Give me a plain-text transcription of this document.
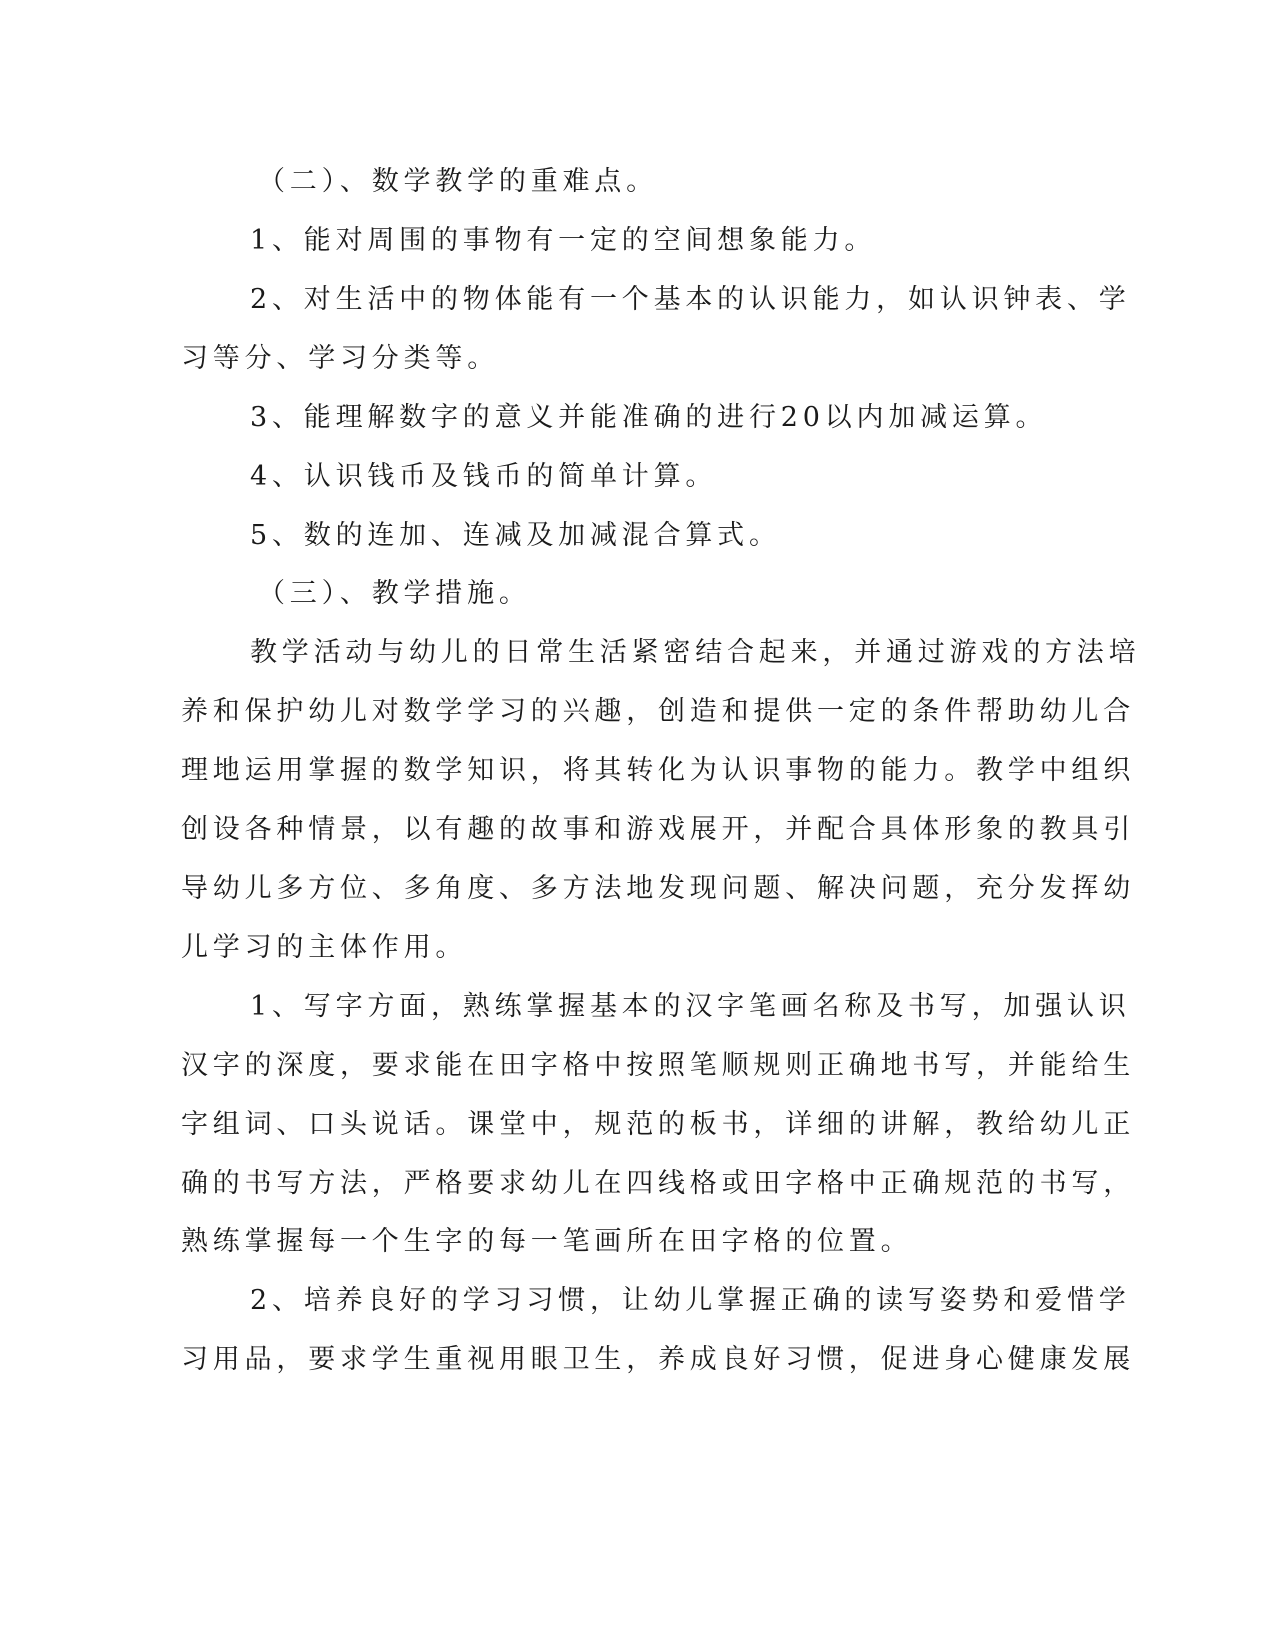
（二）、数学教学的重难点。
1、能对周围的事物有一定的空间想象能力。
2、对生活中的物体能有一个基本的认识能力，如认识钟表、学
习等分、学习分类等。
3、能理解数字的意义并能准确的进行20以内加减运算。
4、认识钱币及钱币的简单计算。
5、数的连加、连减及加减混合算式。
（三）、教学措施。
教学活动与幼儿的日常生活紧密结合起来，并通过游戏的方法培
养和保护幼儿对数学学习的兴趣，创造和提供一定的条件帮助幼儿合
理地运用掌握的数学知识，将其转化为认识事物的能力。教学中组织
创设各种情景，以有趣的故事和游戏展开，并配合具体形象的教具引
导幼儿多方位、多角度、多方法地发现问题、解决问题，充分发挥幼
儿学习的主体作用。
1、写字方面，熟练掌握基本的汉字笔画名称及书写，加强认识
汉字的深度，要求能在田字格中按照笔顺规则正确地书写，并能给生
字组词、口头说话。课堂中，规范的板书，详细的讲解，教给幼儿正
确的书写方法，严格要求幼儿在四线格或田字格中正确规范的书写，
熟练掌握每一个生字的每一笔画所在田字格的位置。
2、培养良好的学习习惯，让幼儿掌握正确的读写姿势和爱惜学
习用品，要求学生重视用眼卫生，养成良好习惯，促进身心健康发展
